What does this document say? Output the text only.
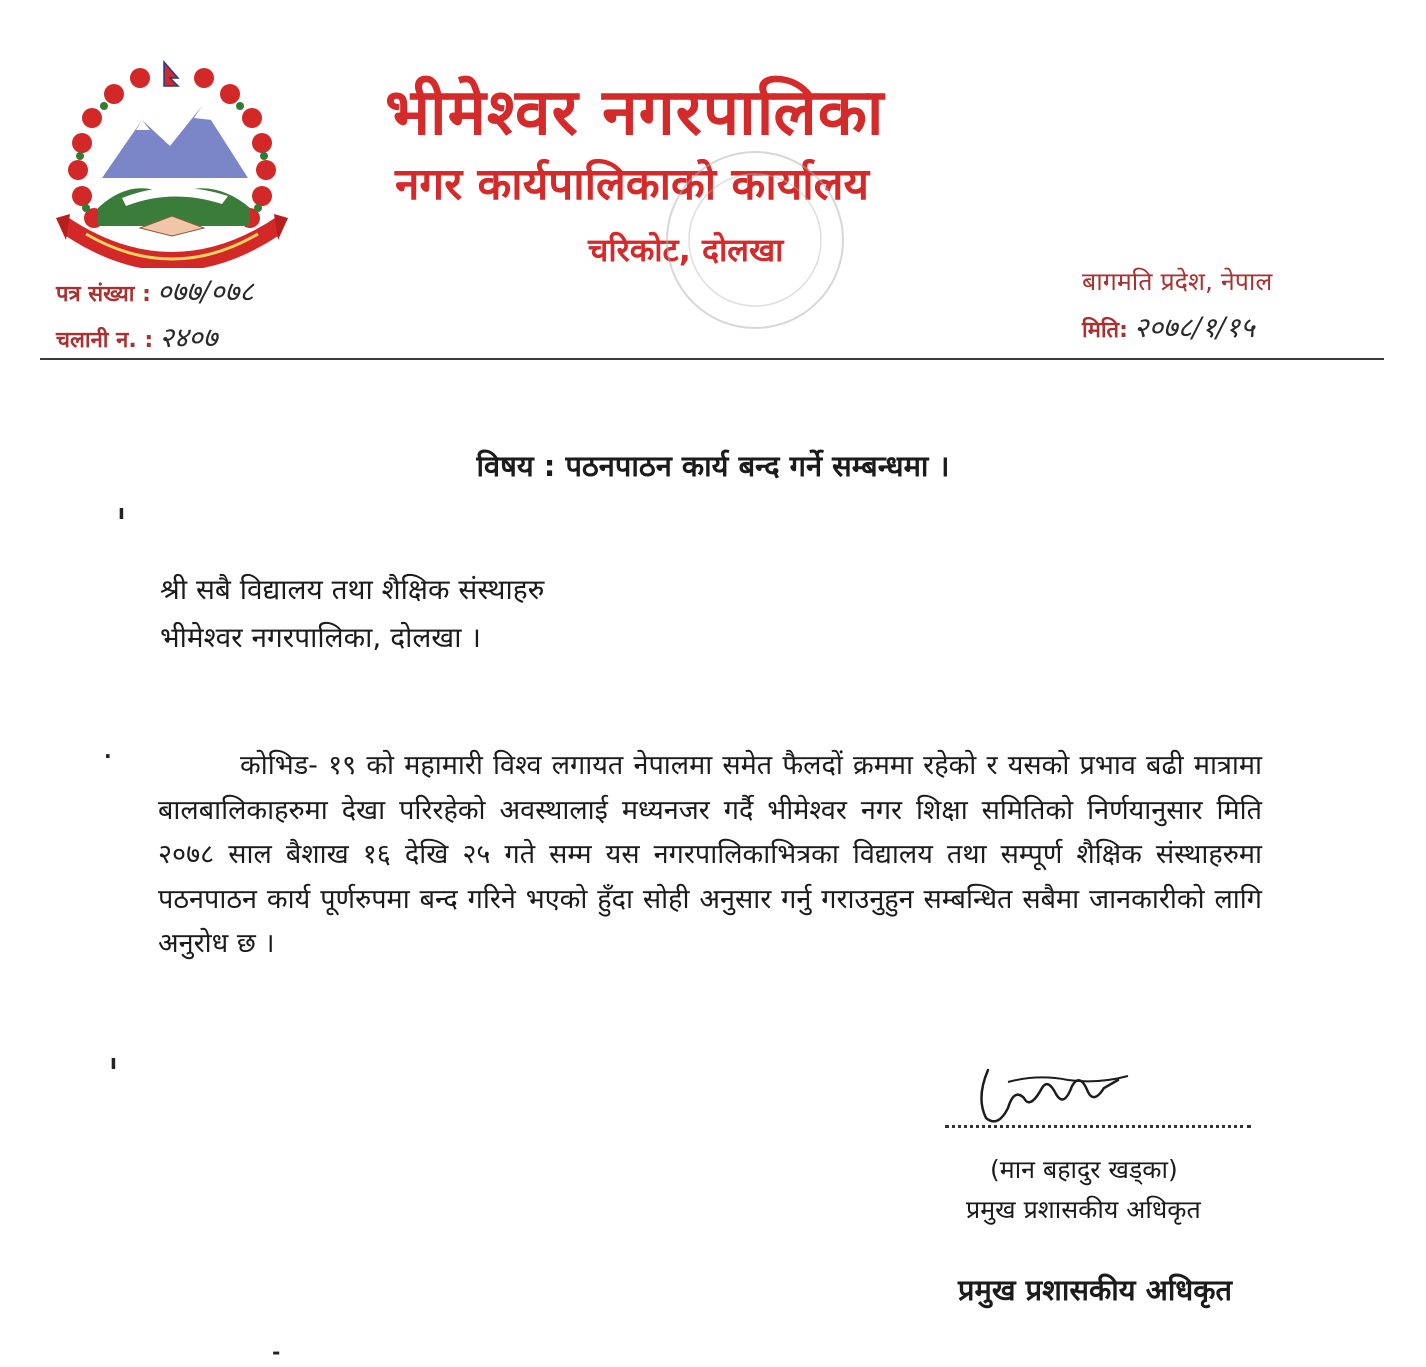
भीमेश्वर नगरपालिका
नगर कार्यपालिकाको कार्यालय
चरिकोट, दोलखा
बागमति प्रदेश, नेपाल
पत्र संख्या : ०७७/०७८
चलानी न. : २४०७	मिति: २०७८/१/१५
विषय : पठनपाठन कार्य बन्द गर्ने सम्बन्धमा ।
ı
श्री सबै विद्यालय तथा शैक्षिक संस्थाहरु
भीमेश्वर नगरपालिका, दोलखा ।
·	कोभिड- १९ को महामारी विश्व लगायत नेपालमा समेत फैलदों क्रममा रहेको र यसको प्रभाव बढी मात्रामा बालबालिकाहरुमा देखा परिरहेको अवस्थालाई मध्यनजर गर्दै भीमेश्वर नगर शिक्षा समितिको निर्णयानुसार मिति २०७८ साल बैशाख १६ देखि २५ गते सम्म यस नगरपालिकाभित्रका विद्यालय तथा सम्पूर्ण शैक्षिक संस्थाहरुमा पठनपाठन कार्य पूर्णरुपमा बन्द गरिने भएको हुँदा सोही अनुसार गर्नु गराउनुहुन सम्बन्धित सबैमा जानकारीको लागि अनुरोध छ ।
ı
(मान बहादुर खड्का)
प्रमुख प्रशासकीय अधिकृत
प्रमुख प्रशासकीय अधिकृत
-
